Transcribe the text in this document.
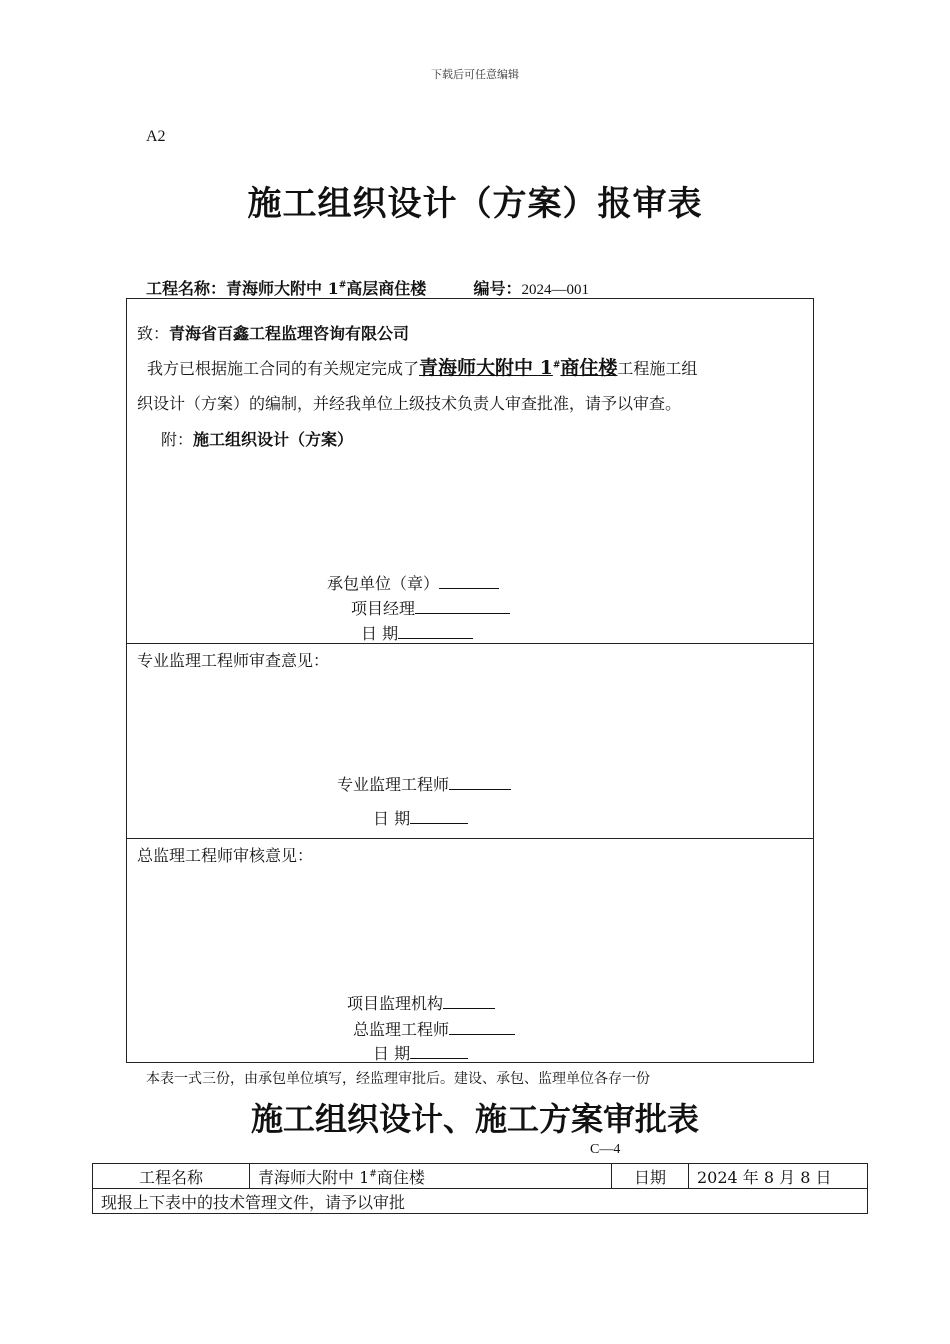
下载后可任意编辑
A2
施工组织设计（方案）报审表
工程名称：青海师大附中 1#高层商住楼	编号：2024—001
致：青海省百鑫工程监理咨询有限公司
我方已根据施工合同的有关规定完成了青海师大附中 1#商住楼工程施工组
织设计（方案）的编制，并经我单位上级技术负责人审查批准，请予以审查。
附：施工组织设计（方案）
承包单位（章）
项目经理
日 期
专业监理工程师审查意见：
专业监理工程师
日 期
总监理工程师审核意见：
项目监理机构
总监理工程师
日 期
本表一式三份，由承包单位填写，经监理审批后。建设、承包、监理单位各存一份
施工组织设计、施工方案审批表
C—4
工程名称	青海师大附中 1#商住楼	日期	2024 年 8 月 8 日
现报上下表中的技术管理文件，请予以审批
